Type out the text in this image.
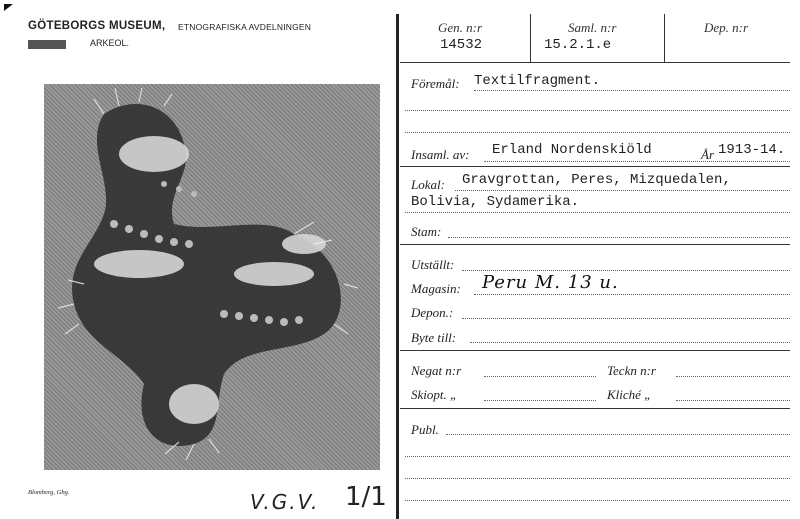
GÖTEBORGS MUSEUM, ETNOGRAFISKA AVDELNINGEN
ARKEOL.
Blomberg, Gbg.	V.G.V. 1/1
Gen. n:r
14532
Saml. n:r
15.2.1.e
Dep. n:r
Föremål: Textilfragment.
Insaml. av: Erland Nordenskiöld	År 1913-14.
Lokal: Gravgrottan, Peres, Mizquedalen,
Bolivia, Sydamerika.
Stam:
Utställt:
Magasin: Peru M. 13 u.
Depon.:
Byte till:
Negat n:r	Teckn n:r
Skiopt. „	Kliché „
Publ.
